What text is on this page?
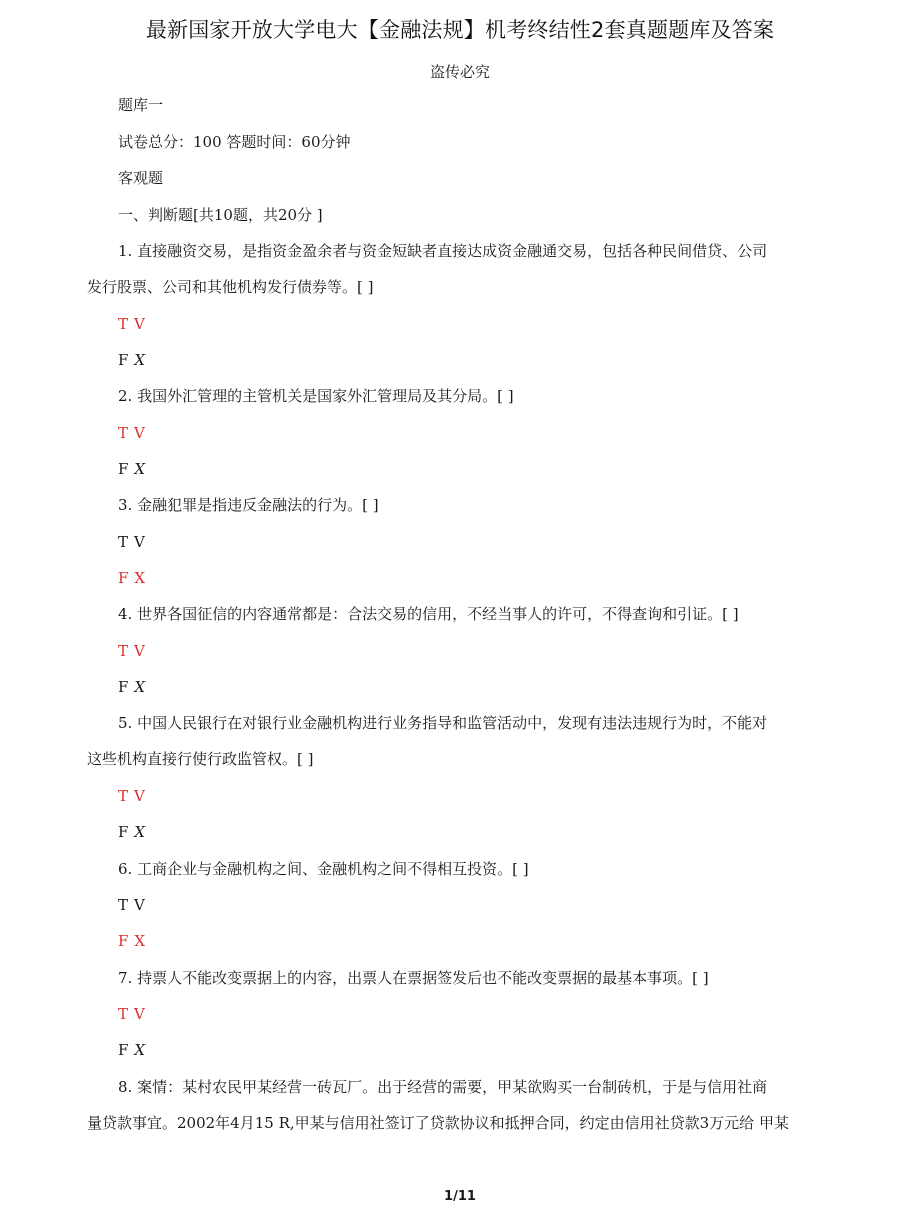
最新国家开放大学电大【金融法规】机考终结性2套真题题库及答案
盗传必究
题库一
试卷总分：100 答题时间：60分钟
客观题
一、判断题[共10题，共20分 ]
1. 直接融资交易，是指资金盈余者与资金短缺者直接达成资金融通交易，包括各种民间借贷、公司
发行股票、公司和其他机构发行债券等。[ ]
T V
F X
2. 我国外汇管理的主管机关是国家外汇管理局及其分局。[ ]
T V
F X
3. 金融犯罪是指违反金融法的行为。[ ]
T V
F X
4. 世界各国征信的内容通常都是：合法交易的信用，不经当事人的许可，不得查询和引证。[ ]
T V
F X
5. 中国人民银行在对银行业金融机构进行业务指导和监管活动中，发现有违法违规行为时，不能对
这些机构直接行使行政监管权。[ ]
T V
F X
6. 工商企业与金融机构之间、金融机构之间不得相互投资。[ ]
T V
F X
7. 持票人不能改变票据上的内容，出票人在票据签发后也不能改变票据的最基本事项。[ ]
T V
F X
8. 案情：某村农民甲某经营一砖瓦厂。出于经营的需要，甲某欲购买一台制砖机，于是与信用社商
量贷款事宜。2002年4月15 R,甲某与信用社签订了贷款协议和抵押合同，约定由信用社贷款3万元给 甲某
1/11
